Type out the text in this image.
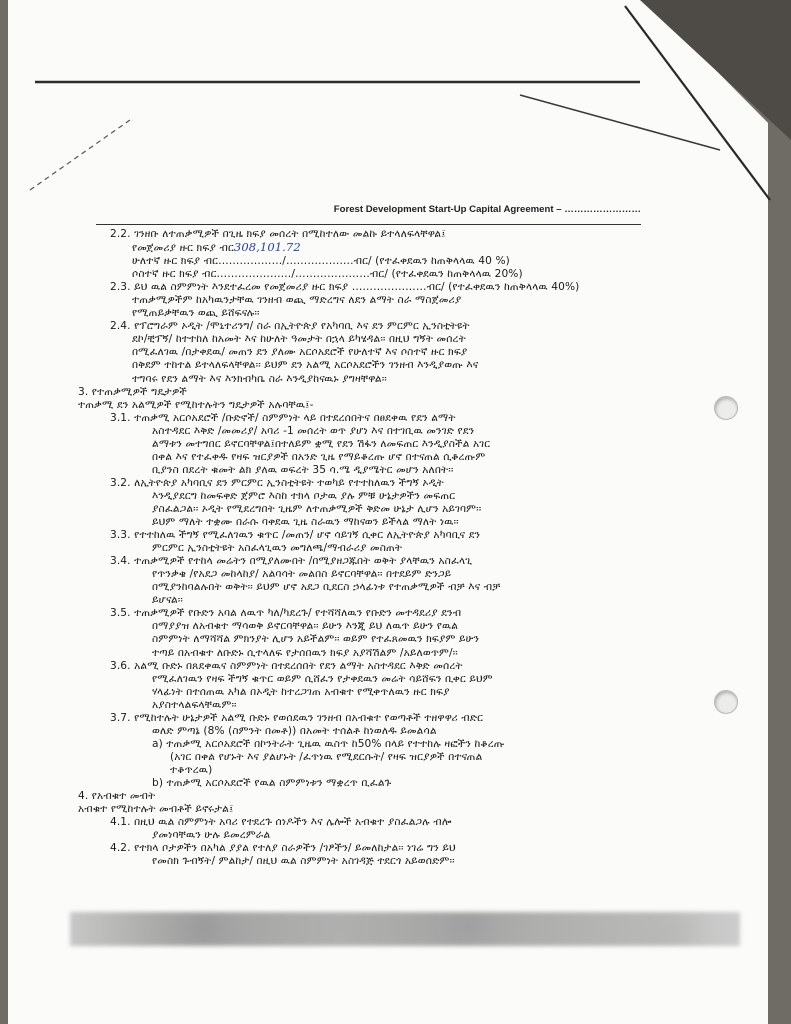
Forest Development Start-Up Capital Agreement – ……………………
2.2. ገንዘቡ ለተጠቃሚዎች በጊዜ ክፍያ መሰረት በሚከተለው መልኩ ይተላለፍላቸዋል፤
የመጀመሪያ ዙር ክፍያ ብር308,101.72
ሁለተኛ ዙር ክፍያ ብር………………/……………….ብር/ (የተፈቀደዉን ከጠቅላላዉ 40 %)
ሶስተኛ ዙር ክፍያ ብር…………………/…………………ብር/ (የተፈቀደዉን ከጠቅላላዉ 20%)
2.3. ይህ ዉል ስምምነት እንደተፈረመ የመጀመሪያ ዙር ክፍያ …………………ብር/ (የተፈቀደዉን ከጠቅላላዉ 40%)
ተጠቃሚዎችም ከአካዉንታቸዉ ገንዘብ ወጪ ማድረግና ለደን ልማት ስራ ማስጀመሪያ
የሚጠይቃቸዉን ወጪ ይሸፍናሉ፡፡
2.4. የፕሮግራም ኦዲት /ሞኒተሪንግ/ ስራ በኢትዮጵያ የአካባቢ እና ደን ምርምር ኢንስቲትዩት
ደኮ/ቺፕኝ/ ከተተከለ ከአመት እና ከሁለት ዓመታት በኋላ ይካሄዳል፡፡ በዚህ ግኝት መሰረት
በሚፈለገዉ /በታቀደዉ/ መጠን ደን ያለሙ አርሶአደሮች የሁለተኛ እና ሶስተኛ ዙር ክፍያ
በቅደም ተከተል ይተላለፍላቸዋል፡፡ ይህም ደን አልሚ አርሶአደሮችን ገንዘብ እንዲያወጡ እና
ተግባሩ የደን ልማት እና እንክብካቤ ስራ እንዲያከናዉኑ ያግዛቸዋል፡፡
3. የተጠቃሚዎች ግዴታዎች
ተጠቃሚ ደን አልሚዎች የሚከተሉትን ግዴታዎች አሉባቸዉ፤-
3.1. ተጠቃሚ አርሶአደሮች /ቡድኖች/ ስምምነት ላይ በተደረሰበትና በፀደቀዉ የደን ልማት
አስተዳደር እቅድ /መመሪያ/ አባሪ -1 መሰረት ወጥ ያሆነ እና በተገቢዉ መንገድ የደን
ልማቱን መተግበር ይኖርባቸዋል፤በተለይም ቋሚ የደን ሽፋን ለመፍጠር እንዲያስችል አገር
በቀል እና የተፈቀዱ የዛፍ ዝርያዎች በአንድ ጊዜ የማይቆረጡ ሆኖ በተናጠል ሲቆረጡም
ቢያንስ በደረት ቁመት ልክ ያለዉ ወፍረት 35 ሳ.ሜ ዲያሜትር መሆን አለበት፡፡
3.2. ለኢትዮጵያ አካባቢና ደን ምርምር ኢንስቲትዩት ተወካይ የተተከለዉን ችግኝ ኦዲት
እንዲያደርግ ከመፍቀድ ጀምሮ እስከ ተክላ ቦታዉ ያሉ ምቹ ሁኔታዎችን መፍጠር
ያስፈልጋል፡፡ ኦዲት የሚደረግበት ጊዜም ለተጠቃሚዎች ቅድመ ሁኔታ ሊሆን አይገባም፡፡
ይህም ማለት ተቋሙ በራሱ ባቀደዉ ጊዜ ስራዉን ማከናወን ይችላል ማለት ነዉ፡፡
3.3. የተተከለዉ ችግኝ የሚፈለገዉን ቁጥር /መጠን/ ሆኖ ሳይገኝ ሲቀር ለኢትዮጵያ አካባቢና ደን
ምርምር ኢንስቲትዩት አስፈላጊዉን መግለጫ/ማብራሪያ መስጠት
3.4. ተጠቃሚዎች የተከላ መሬትን በሚያለሙበት /በሚያዘጋጁበት ወቅት ያላቸዉን አስፈላጊ
የጥንቃቄ /የአደጋ መከላከያ/ አልባሳት መልበስ ይኖርባቸዋል፡፡ በተደይም ድንጋይ
በሚያንከባልሉበት ወቅት፡፡ ይህም ሆኖ አደጋ ቢደርስ ኃላፊነቱ የተጠቃሚዎች ብቻ እና ብቻ
ይሆናል፡፡
3.5. ተጠቃሚዎች የቡድን አባል ለዉጥ ካለ/ካደረጉ/ የተሻሻለዉን የቡድን መተዳደሪያ ደንብ
በማያያዝ ለአብቁተ ማሳወቅ ይኖርባቸዋል፡፡ ይሁን እንጂ ይህ ለዉጥ ይሁን የዉል
ስምምነት ለማሻሻል ምክንያት ሊሆን አይችልም፡፡ ወይም የተፈጸመዉን ክፍያም ይሁን
ተጣይ በአብቁተ ለቡድኑ ሲተላለፍ የታሰበዉን ክፍያ አያሻሽልም /አይለወጥም/፡፡
3.6. አልሚ ቡድኑ በጸደቀዉና ስምምነት በተደረሰበት የደን ልማት አስተዳደር እቅድ መሰረት
የሚፈለገዉን የዛፍ ችግኝ ቁጥር ወይም ሲሸፈን የታቀደዉን መሬት ሳይሸፍን ቢቀር ይህም
ሃላፊነት በተሰጠዉ አካል በኦዲት ከተረጋገጠ አብቁተ የሚቀጥለዉን ዙር ክፍያ
አያስተላልፍላቸዉም፡፡
3.7. የሚከተሉት ሁኔታዎች አልሚ ቡድኑ የወሰደዉን ገንዘብ በአብቁተ የወጣቶች ተዘዋዋሪ ብድር
ወለድ ምጣኔ (8% (ስምንት በመቶ)) በአመት ተሰልቶ ከነወለዱ ይመልሳል
a) ተጠቃሚ አርሶአደሮች በኮንትራት ጊዜዉ ዉስጥ ከ50% በላይ የተተከሉ ዛፎችን ከቆረጡ
(አገር በቀል የሆኑት እና ያልሆኑት /ፈጥነዉ የሚደርሱት/ የዛፍ ዝርያዎች በተናጠል
ተቆጥረዉ)
b) ተጠቃሚ አርሶአደሮች የዉል ስምምነቱን ማቋረጥ ቢፈልጉ
4. የአብቁተ መብት
አብቁተ የሚከተሉት መብቶች ይኖሩታል፤
4.1. በዚህ ዉል ስምምነት አባሪ የተደረጉ ሰነዶችን እና ሌሎች አብቁተ ያስፈልጋሉ ብሎ
ያመነባቸዉን ሁሉ ይመረምራል
4.2. የተክላ ቦታዎችን በአካል ያያል የተለያ ስራዎችን /ገፆችን/ ይመለከታል፡፡ ነገሬ ግን ይህ
የመስክ ጉብኝት/ ምልከታ/ በዚህ ዉል ስምምነት አስገዳጅ ተደርጎ አይወሰድም፡፡
